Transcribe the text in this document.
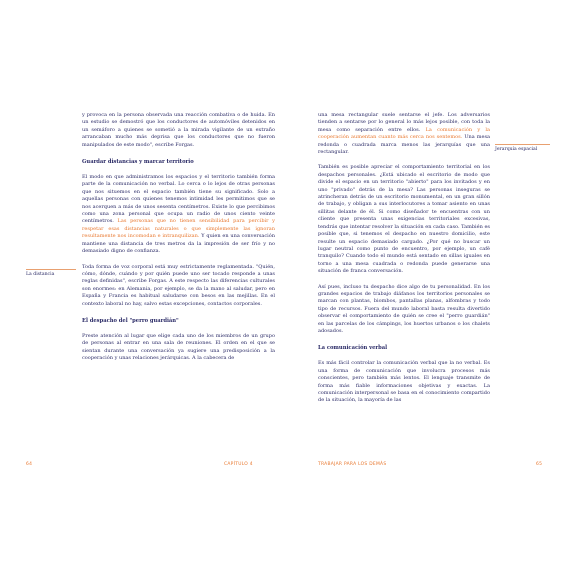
y provoca en la persona observada una reacción combativa o de huida. En un estudio se demostró que los conductores de automóviles detenidos en un semáforo a quienes se sometió a la mirada vigilante de un extraño arrancaban mucho más deprisa que los conductores que no fueron manipulados de este modo", escribe Forgas.

Guardar distancias y marcar territorio

El modo en que administramos los espacios y el territorio también forma parte de la comunicación no verbal. Lo cerca o lo lejos de otras personas que nos situemos en el espacio también tiene su significado. Solo a aquellas personas con quienes tenemos intimidad les permitimos que se nos acerquen a más de unos sesenta centímetros. Existe lo que percibimos como una zona personal que ocupa un radio de unos ciento veinte centímetros. Las personas que no tienen sensibilidad para percibir y respetar esas distancias naturales o que simplemente las ignoran resultamente nos incomodan e intranquilizan. Y quien en una conversación mantiene una distancia de tres metros da la impresión de ser frío y no demasiado digno de confianza.

Toda forma de voz corporal está muy estrictamente reglamentada. "Quién, cómo, dónde, cuándo y por quién puede uno ser tocado responde a unas reglas definidas", escribe Forgas. A este respecto las diferencias culturales son enormes: en Alemania, por ejemplo, se da la mano al saludar, pero en España y Francia es habitual saludarse con besos en las mejillas. En el contexto laboral no hay, salvo estas excepciones, contactos corporales.

El despacho del "perro guardián"

Preste atención al lugar que elige cada uno de los miembros de un grupo de personas al entrar en una sala de reuniones. El orden en el que se sientan durante una conversación ya sugiere una predisposición a la cooperación y unas relaciones jerárquicas. A la cabecera de

La distancia
64	CAPÍTULO 4

una mesa rectangular suele sentarse el jefe. Los adversarios tienden a sentarse por lo general lo más lejos posible, con toda la mesa como separación entre ellos. La comunicación y la cooperación aumentan cuanto más cerca nos sentemos. Una mesa redonda o cuadrada marca menos las jerarquías que una rectangular.

También es posible apreciar el comportamiento territorial en los despachos personales. ¿Está ubicado el escritorio de modo que divide el espacio en un territorio "abierto" para los invitados y en uno "privado" detrás de la mesa? Las personas inseguras se atrincheran detrás de un escritorio monumental, en un gran sillón de trabajo, y obligan a sus interlocutores a tomar asiento en unas sillitas delante de él. Si como diseñador te encuentras con un cliente que presenta unas exigencias territoriales excesivas, tendrás que intentar resolver la situación en cada caso. También es posible que, si tenemos el despacho en nuestro domicilio, este resulte un espacio demasiado cargado. ¿Por qué no buscar un lugar neutral como punto de encuentro, por ejemplo, un café tranquilo? Cuando todo el mundo está sentado en sillas iguales en torno a una mesa cuadrada o redonda puede generarse una situación de franca conversación.

Así pues, incluso tu despacho dice algo de tu personalidad. En los grandes espacios de trabajo diáfanos los territorios personales se marcan con plantas, biombos, pantallas planas, alfombras y todo tipo de recursos. Fuera del mundo laboral basta resulta divertido observar el comportamiento de quién se cree el "perro guardián" en las parcelas de los cámpings, los huertos urbanos o los chalets adosados.

La comunicación verbal

Es más fácil controlar la comunicación verbal que la no verbal. Es una forma de comunicación que involucra procesos más conscientes, pero también más lentos. El lenguaje transmite de forma más fiable informaciones objetivas y exactas. La comunicación interpersonal se basa en el conocimiento compartido de la situación, la mayoría de las

Jerarquía espacial
TRABAJAR PARA LOS DEMÁS	65
